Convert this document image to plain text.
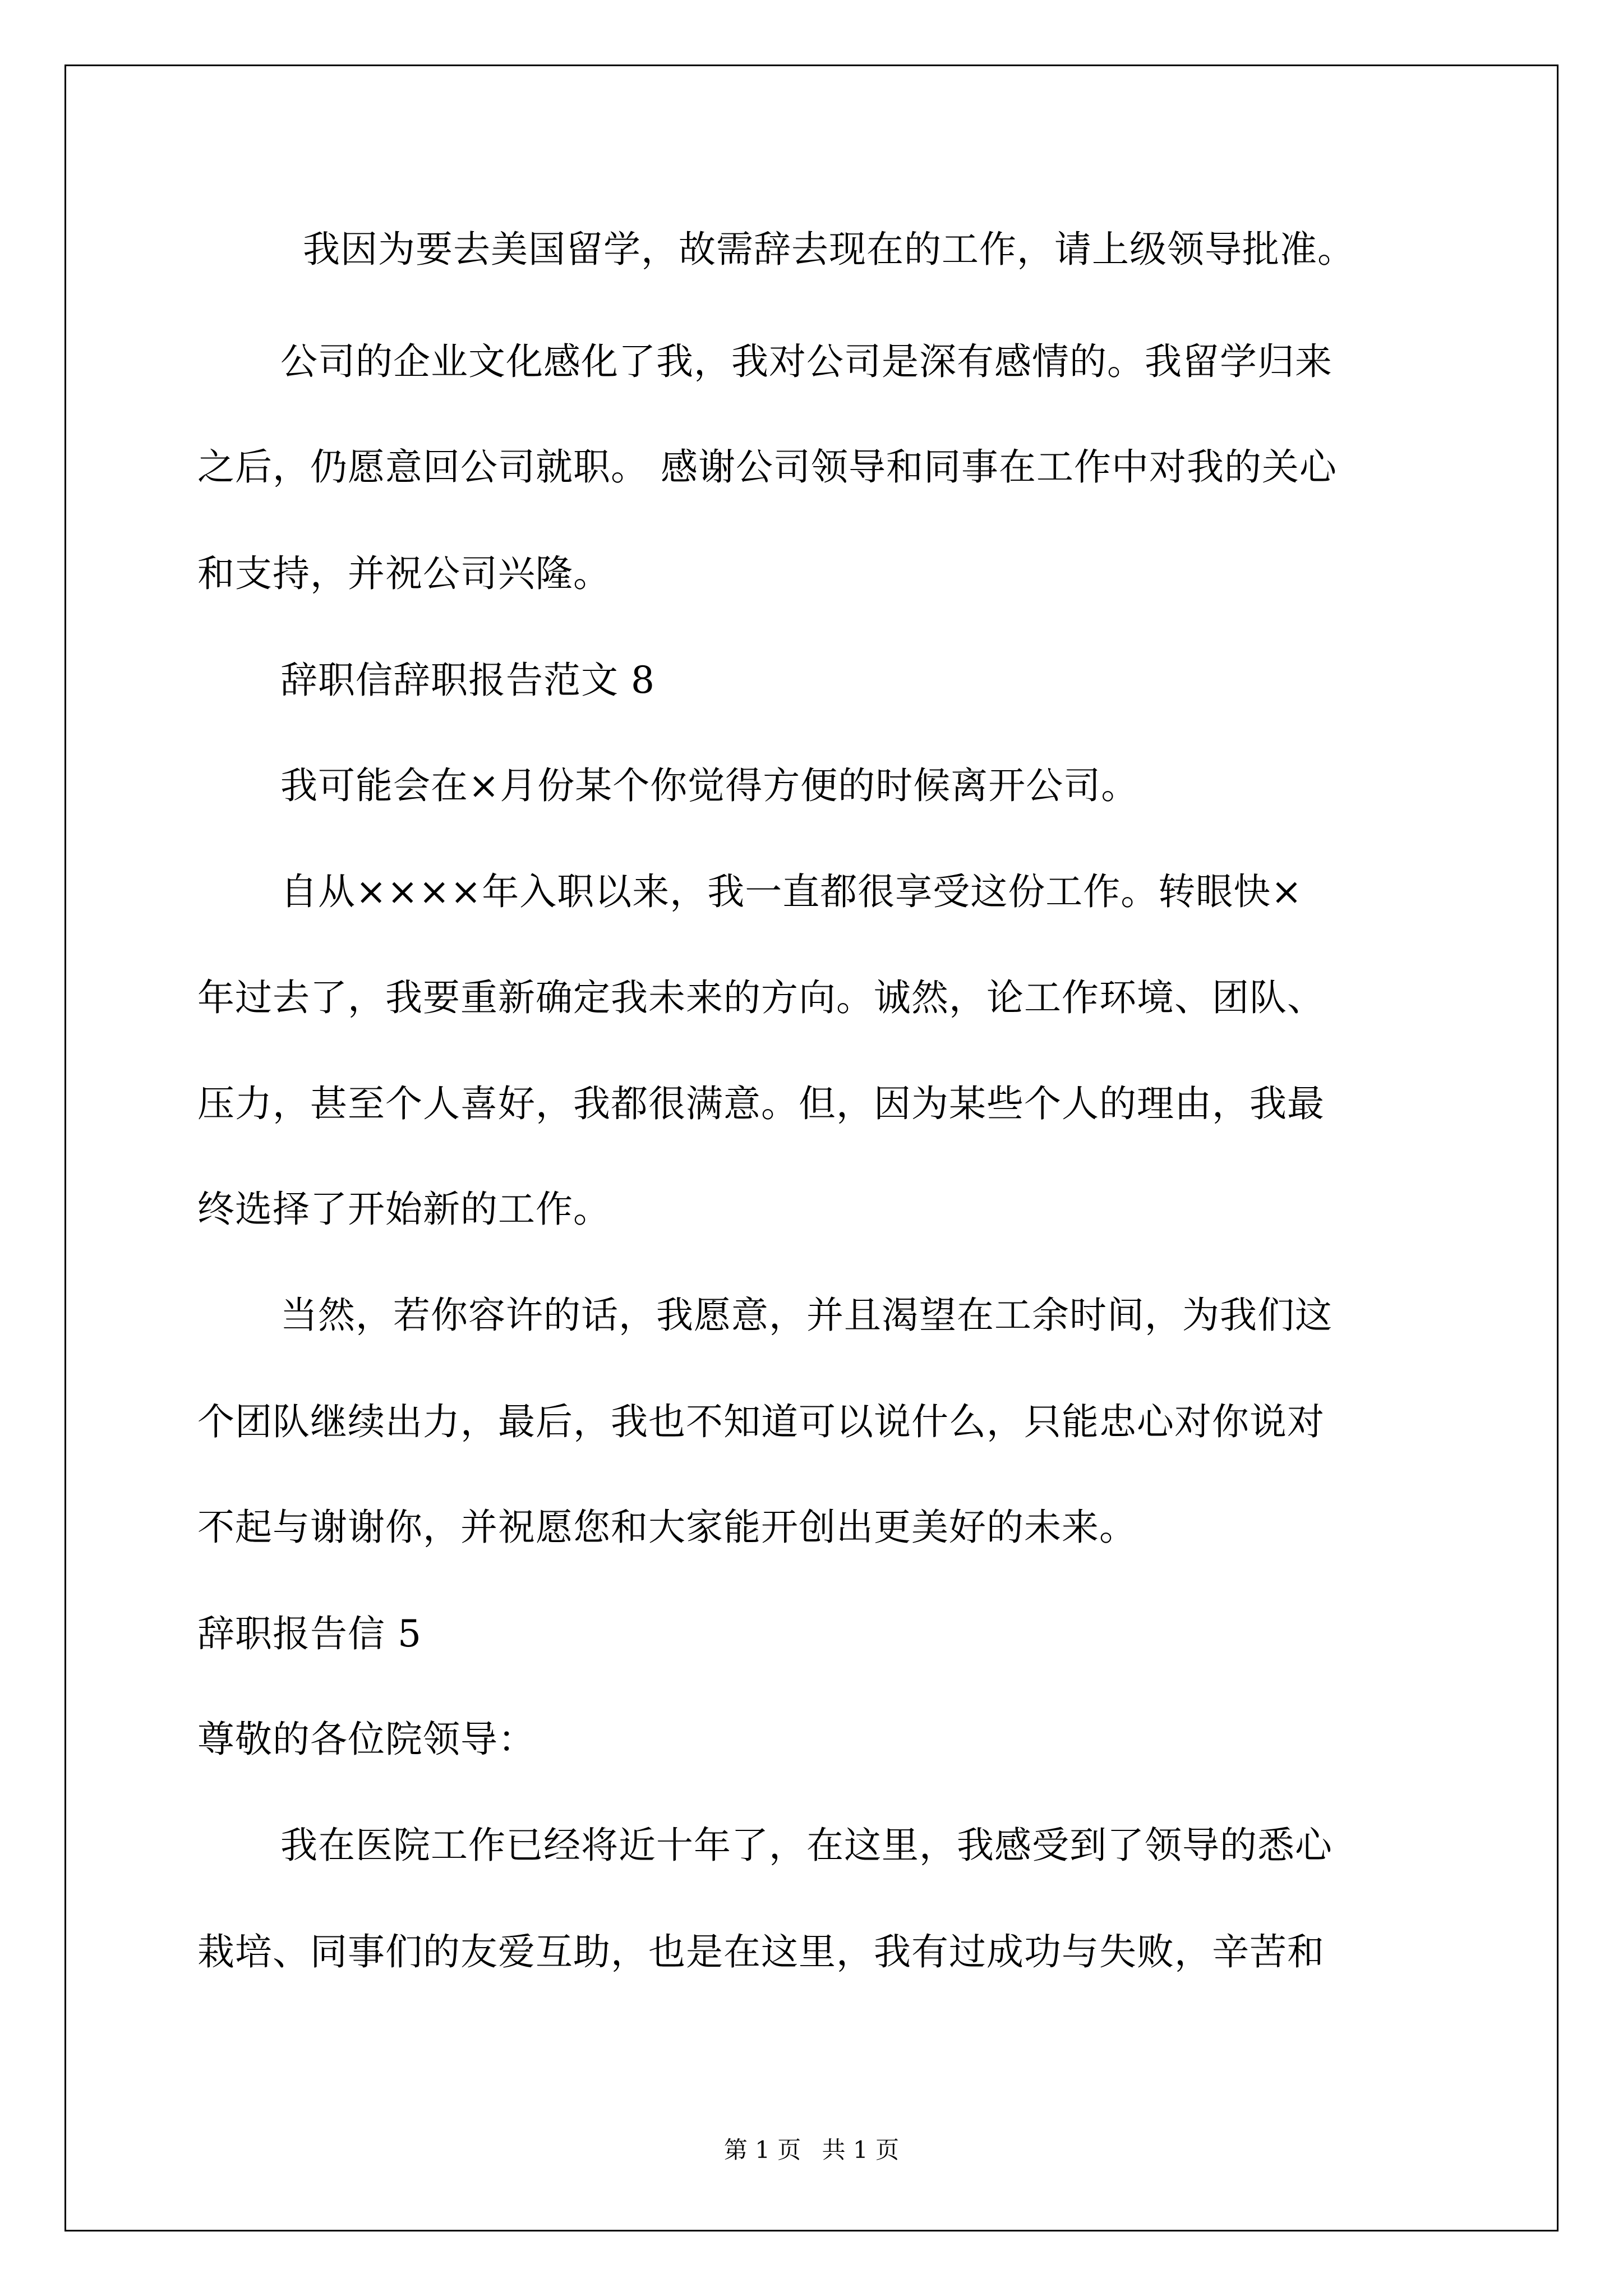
我因为要去美国留学，故需辞去现在的工作，请上级领导批准。
公司的企业文化感化了我，我对公司是深有感情的。我留学归来
之后，仍愿意回公司就职。 感谢公司领导和同事在工作中对我的关心
和支持，并祝公司兴隆。
辞职信辞职报告范文 8
我可能会在×月份某个你觉得方便的时候离开公司。
自从××××年入职以来，我一直都很享受这份工作。转眼快×
年过去了，我要重新确定我未来的方向。诚然，论工作环境、团队、
压力，甚至个人喜好，我都很满意。但，因为某些个人的理由，我最
终选择了开始新的工作。
当然，若你容许的话，我愿意，并且渴望在工余时间，为我们这
个团队继续出力，最后，我也不知道可以说什么，只能忠心对你说对
不起与谢谢你，并祝愿您和大家能开创出更美好的未来。
辞职报告信 5
尊敬的各位院领导：
我在医院工作已经将近十年了，在这里，我感受到了领导的悉心
栽培、同事们的友爱互助，也是在这里，我有过成功与失败，辛苦和
第 1 页 共 1 页
